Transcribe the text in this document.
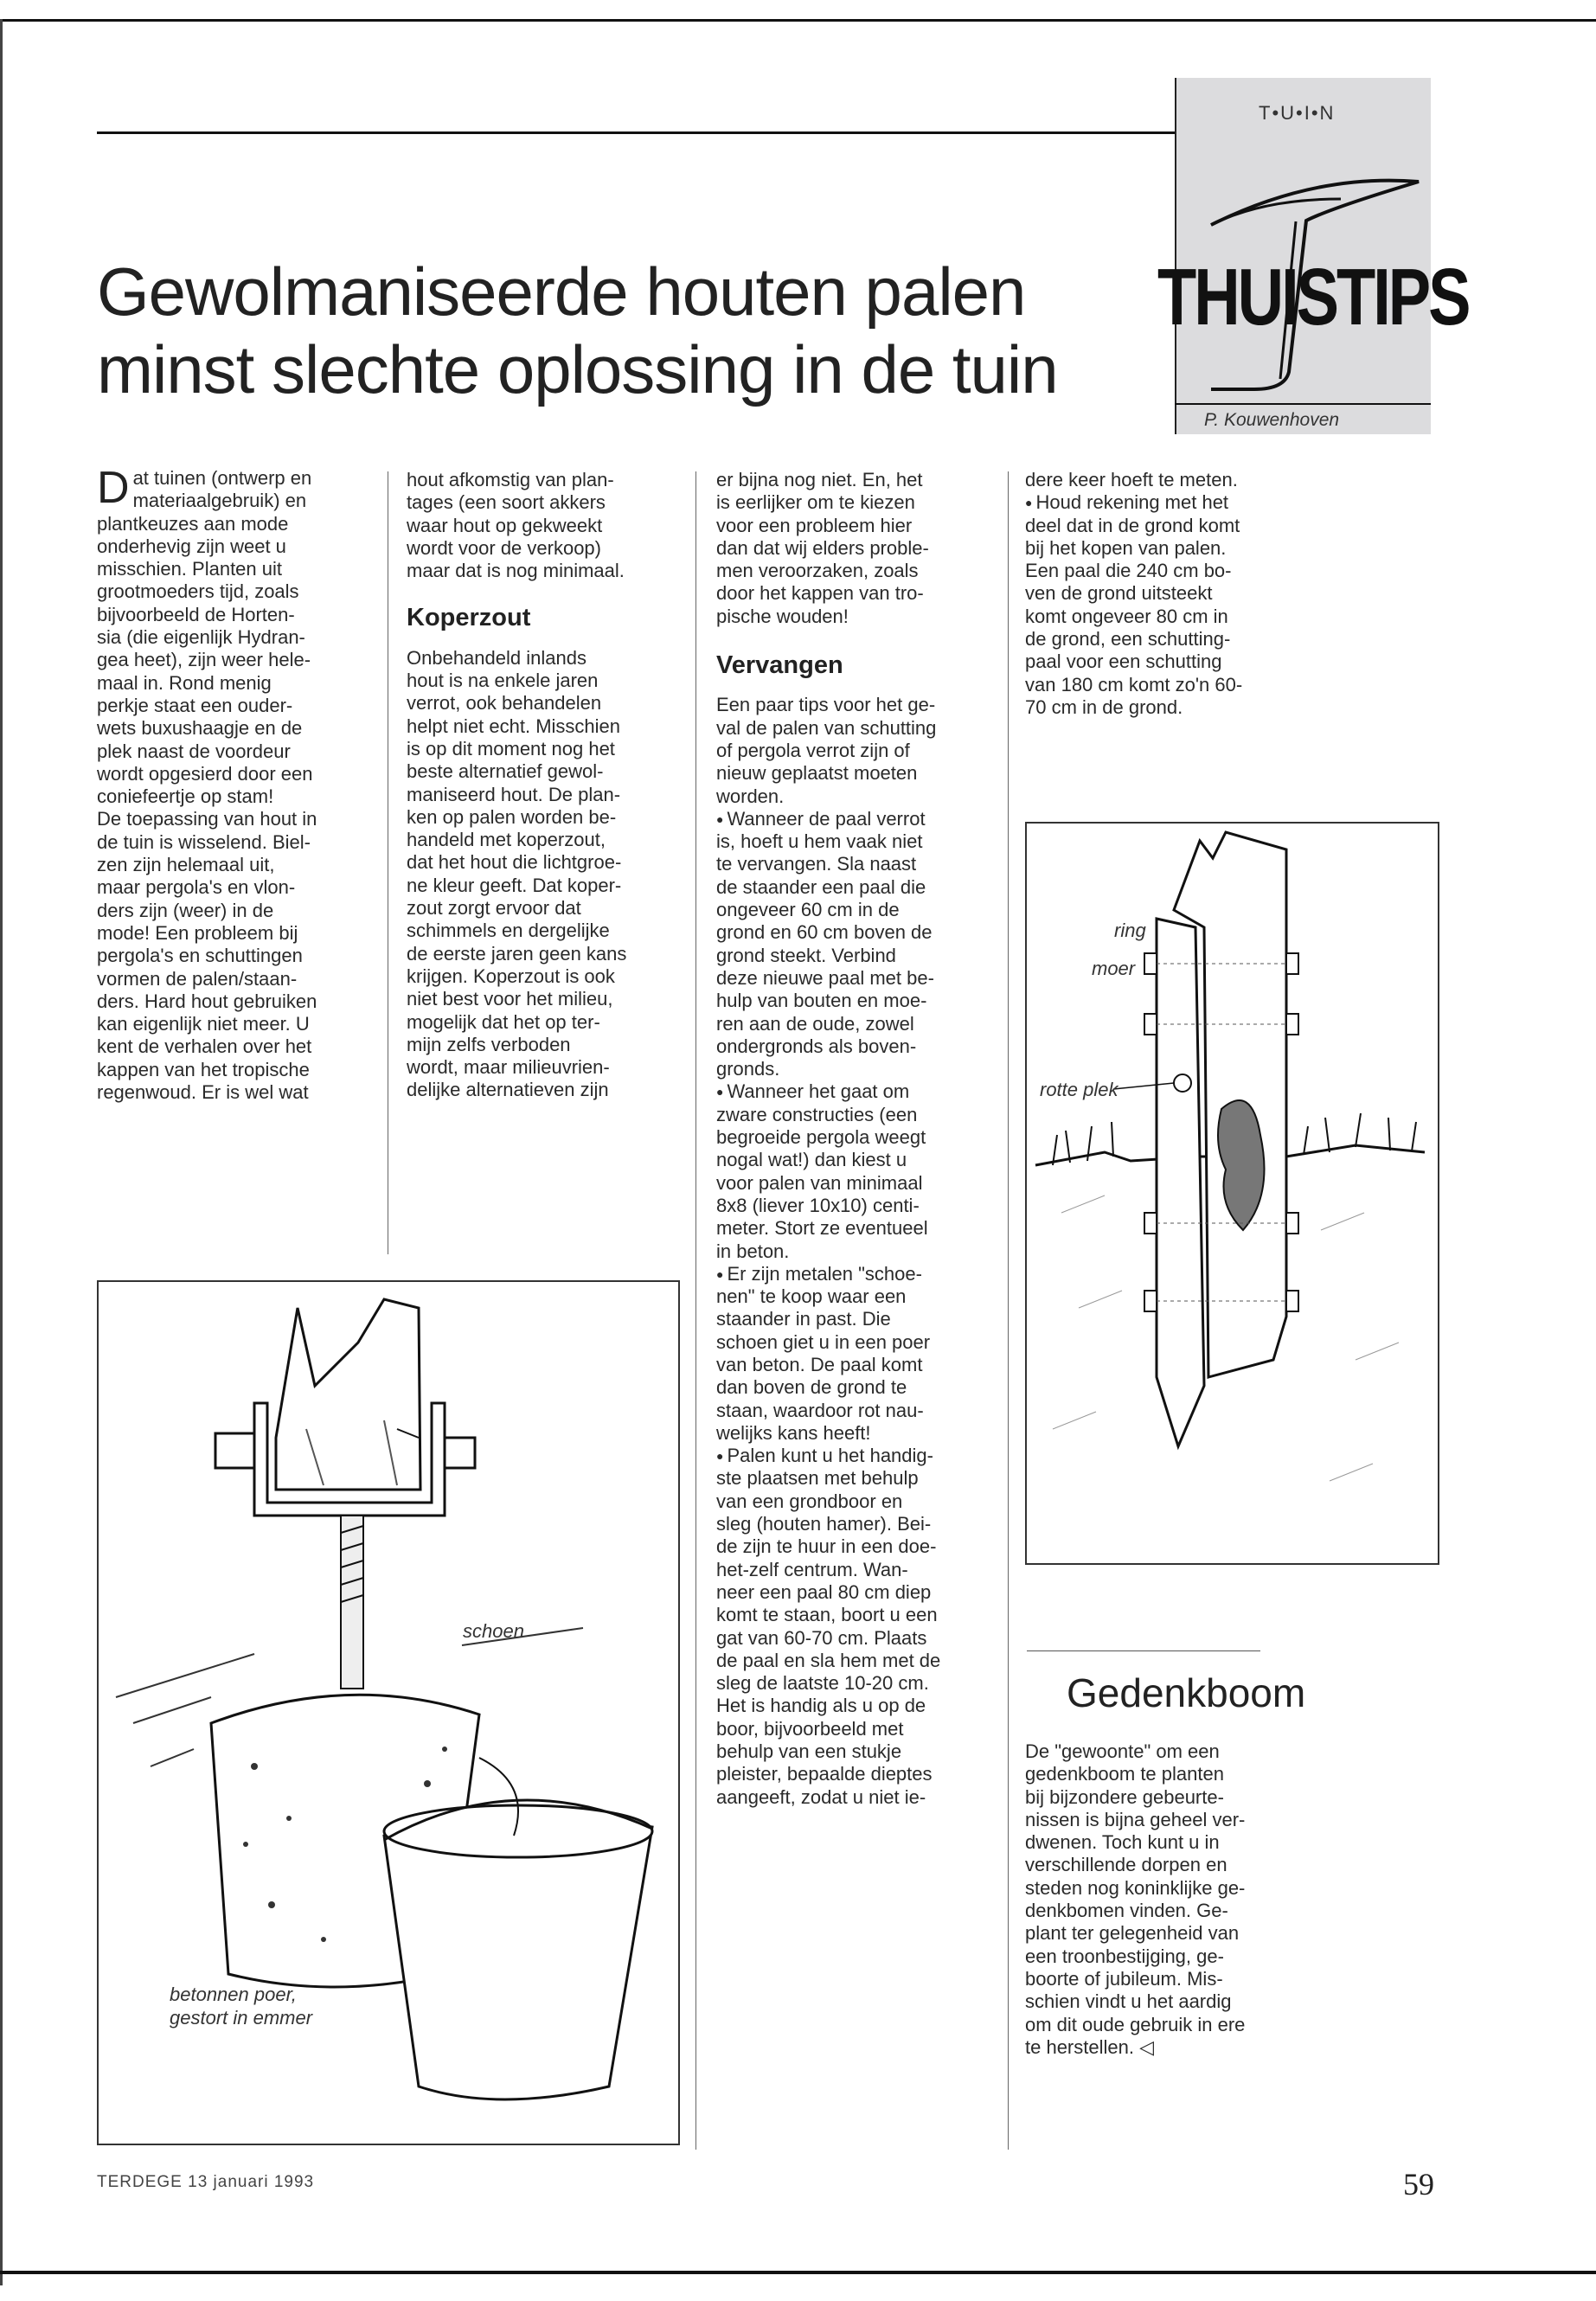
T•U•I•N
THUISTIPS
P. Kouwenhoven
Gewolmaniseerde houten palen
minst slechte oplossing in de tuin
D at tuinen (ontwerp en

materiaalgebruik) en

plantkeuzes aan mode

onderhevig zijn weet u

misschien. Planten uit

grootmoeders tijd, zoals

bijvoorbeeld de Horten-

sia (die eigenlijk Hydran-

gea heet), zijn weer hele-

maal in. Rond menig

perkje staat een ouder-

wets buxushaagje en de

plek naast de voordeur

wordt opgesierd door een

coniefeertje op stam!

De toepassing van hout in

de tuin is wisselend. Biel-

zen zijn helemaal uit,

maar pergola's en vlon-

ders zijn (weer) in de

mode! Een probleem bij

pergola's en schuttingen

vormen de palen/staan-

ders. Hard hout gebruiken

kan eigenlijk niet meer. U

kent de verhalen over het

kappen van het tropische

regenwoud. Er is wel wat

hout afkomstig van plan-

tages (een soort akkers

waar hout op gekweekt

wordt voor de verkoop)

maar dat is nog minimaal.

Koperzout

Onbehandeld inlands

hout is na enkele jaren

verrot, ook behandelen

helpt niet echt. Misschien

is op dit moment nog het

beste alternatief gewol-

maniseerd hout. De plan-

ken op palen worden be-

handeld met koperzout,

dat het hout die lichtgroe-

ne kleur geeft. Dat koper-

zout zorgt ervoor dat

schimmels en dergelijke

de eerste jaren geen kans

krijgen. Koperzout is ook

niet best voor het milieu,

mogelijk dat het op ter-

mijn zelfs verboden

wordt, maar milieuvrien-

delijke alternatieven zijn

er bijna nog niet. En, het

is eerlijker om te kiezen

voor een probleem hier

dan dat wij elders proble-

men veroorzaken, zoals

door het kappen van tro-

pische wouden!

Vervangen

Een paar tips voor het ge-

val de palen van schutting

of pergola verrot zijn of

nieuw geplaatst moeten

worden.

● Wanneer de paal verrot

is, hoeft u hem vaak niet

te vervangen. Sla naast

de staander een paal die

ongeveer 60 cm in de

grond en 60 cm boven de

grond steekt. Verbind

deze nieuwe paal met be-

hulp van bouten en moe-

ren aan de oude, zowel

ondergronds als boven-

gronds.

● Wanneer het gaat om

zware constructies (een

begroeide pergola weegt

nogal wat!) dan kiest u

voor palen van minimaal

8x8 (liever 10x10) centi-

meter. Stort ze eventueel

in beton.

● Er zijn metalen "schoe-

nen" te koop waar een

staander in past. Die

schoen giet u in een poer

van beton. De paal komt

dan boven de grond te

staan, waardoor rot nau-

welijks kans heeft!

● Palen kunt u het handig-

ste plaatsen met behulp

van een grondboor en

sleg (houten hamer). Bei-

de zijn te huur in een doe-

het-zelf centrum. Wan-

neer een paal 80 cm diep

komt te staan, boort u een

gat van 60-70 cm. Plaats

de paal en sla hem met de

sleg de laatste 10-20 cm.

Het is handig als u op de

boor, bijvoorbeeld met

behulp van een stukje

pleister, bepaalde dieptes

aangeeft, zodat u niet ie-

dere keer hoeft te meten.

● Houd rekening met het

deel dat in de grond komt

bij het kopen van palen.

Een paal die 240 cm bo-

ven de grond uitsteekt

komt ongeveer 80 cm in

de grond, een schutting-

paal voor een schutting

van 180 cm komt zo'n 60-

70 cm in de grond.

schoen
betonnen poer,
gestort in emmer
ring
moer
rotte plek
Gedenkboom

De "gewoonte" om een

gedenkboom te planten

bij bijzondere gebeurte-

nissen is bijna geheel ver-

dwenen. Toch kunt u in

verschillende dorpen en

steden nog koninklijke ge-

denkbomen vinden. Ge-

plant ter gelegenheid van

een troonbestijging, ge-

boorte of jubileum. Mis-

schien vindt u het aardig

om dit oude gebruik in ere

te herstellen. ◁

TERDEGE 13 januari 1993	59
